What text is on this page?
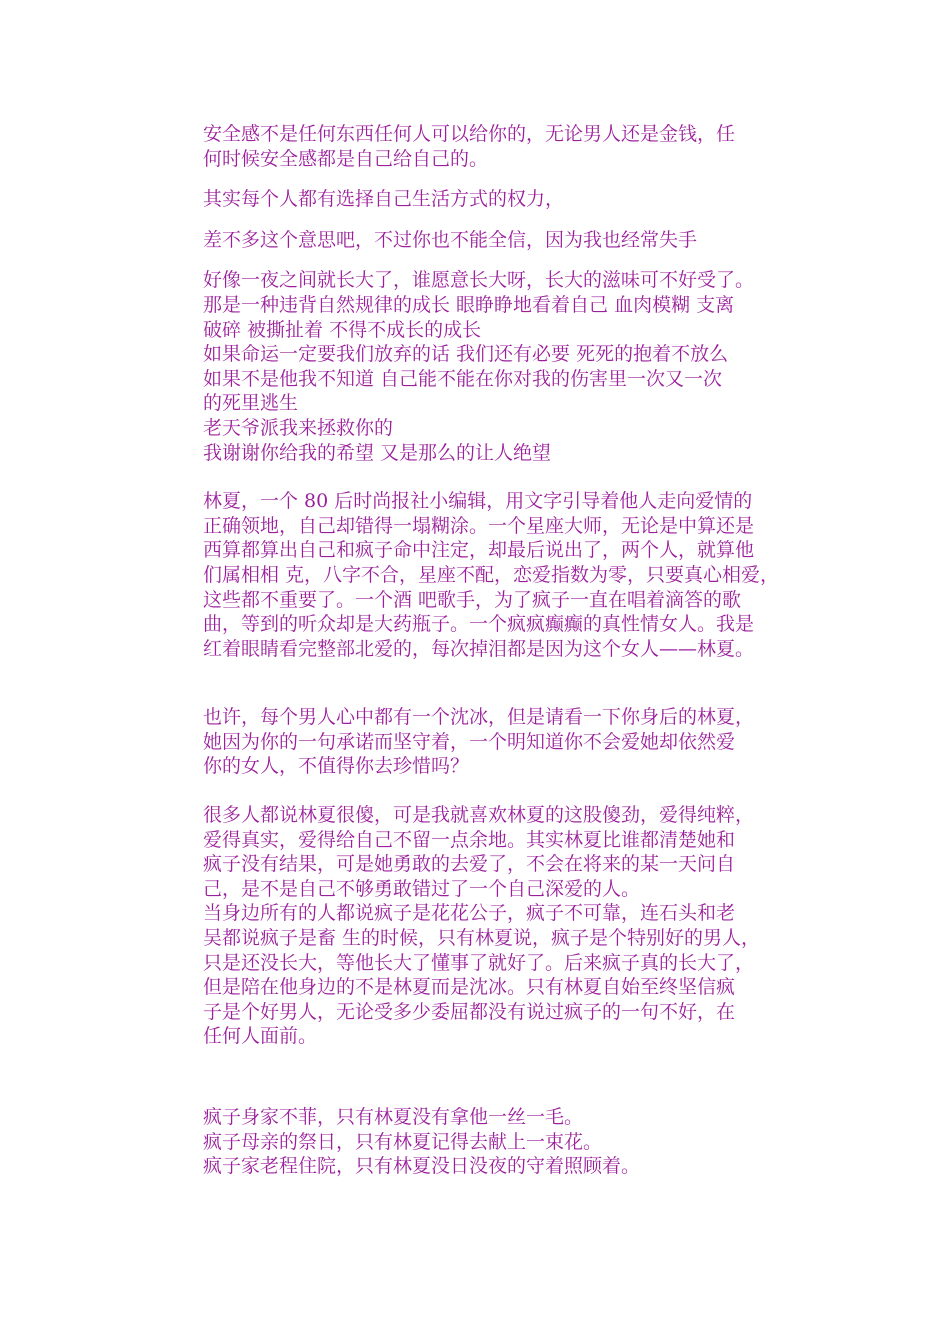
安全感不是任何东西任何人可以给你的，无论男人还是金钱，任
何时候安全感都是自己给自己的。

其实每个人都有选择自己生活方式的权力，

差不多这个意思吧，不过你也不能全信，因为我也经常失手

好像一夜之间就长大了，谁愿意长大呀，长大的滋味可不好受了。
那是一种违背自然规律的成长 眼睁睁地看着自己 血肉模糊 支离
破碎 被撕扯着 不得不成长的成长
如果命运一定要我们放弃的话 我们还有必要 死死的抱着不放么
如果不是他我不知道 自己能不能在你对我的伤害里一次又一次
的死里逃生
老天爷派我来拯救你的
我谢谢你给我的希望 又是那么的让人绝望

林夏，一个 80 后时尚报社小编辑，用文字引导着他人走向爱情的
正确领地，自己却错得一塌糊涂。一个星座大师，无论是中算还是
西算都算出自己和疯子命中注定，却最后说出了，两个人，就算他
们属相相 克，八字不合，星座不配，恋爱指数为零，只要真心相爱，
这些都不重要了。一个酒 吧歌手，为了疯子一直在唱着滴答的歌
曲，等到的听众却是大药瓶子。一个疯疯癫癫的真性情女人。我是
红着眼睛看完整部北爱的，每次掉泪都是因为这个女人——林夏。

也许，每个男人心中都有一个沈冰，但是请看一下你身后的林夏，
她因为你的一句承诺而坚守着，一个明知道你不会爱她却依然爱
你的女人，不值得你去珍惜吗？

很多人都说林夏很傻，可是我就喜欢林夏的这股傻劲，爱得纯粹，
爱得真实，爱得给自己不留一点余地。其实林夏比谁都清楚她和
疯子没有结果，可是她勇敢的去爱了，不会在将来的某一天问自
己，是不是自己不够勇敢错过了一个自己深爱的人。
当身边所有的人都说疯子是花花公子，疯子不可靠，连石头和老
吴都说疯子是畜 生的时候，只有林夏说，疯子是个特别好的男人，
只是还没长大，等他长大了懂事了就好了。后来疯子真的长大了，
但是陪在他身边的不是林夏而是沈冰。只有林夏自始至终坚信疯
子是个好男人，无论受多少委屈都没有说过疯子的一句不好，在
任何人面前。

疯子身家不菲，只有林夏没有拿他一丝一毛。
疯子母亲的祭日，只有林夏记得去献上一束花。
疯子家老程住院，只有林夏没日没夜的守着照顾着。
